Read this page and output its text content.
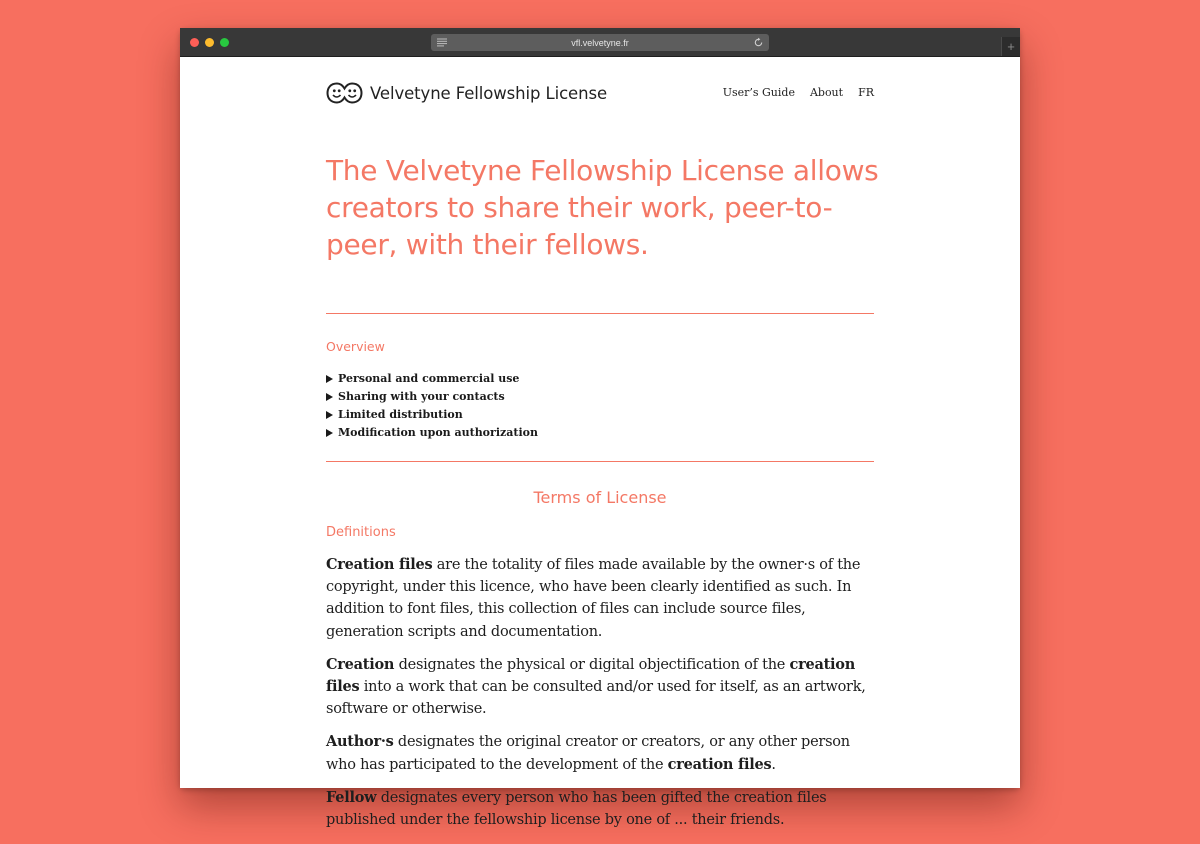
vfl.velvetyne.fr	+
Velvetyne Fellowship License	User’s Guide About FR
The Velvetyne Fellowship License allows creators to share their work, peer-to-peer, with their fellows.
Overview
Personal and commercial use
Sharing with your contacts
Limited distribution
Modification upon authorization
Terms of License
Definitions

Creation files are the totality of files made available by the owner·s of the copyright, under this licence, who have been clearly identified as such. In addition to font files, this collection of files can include source files, generation scripts and documentation.

Creation designates the physical or digital objectification of the creation files into a work that can be consulted and/or used for itself, as an artwork, software or otherwise.

Author·s designates the original creator or creators, or any other person who has participated to the development of the creation files.

Fellow designates every person who has been gifted the creation files published under the fellowship license by one of ... their friends.
